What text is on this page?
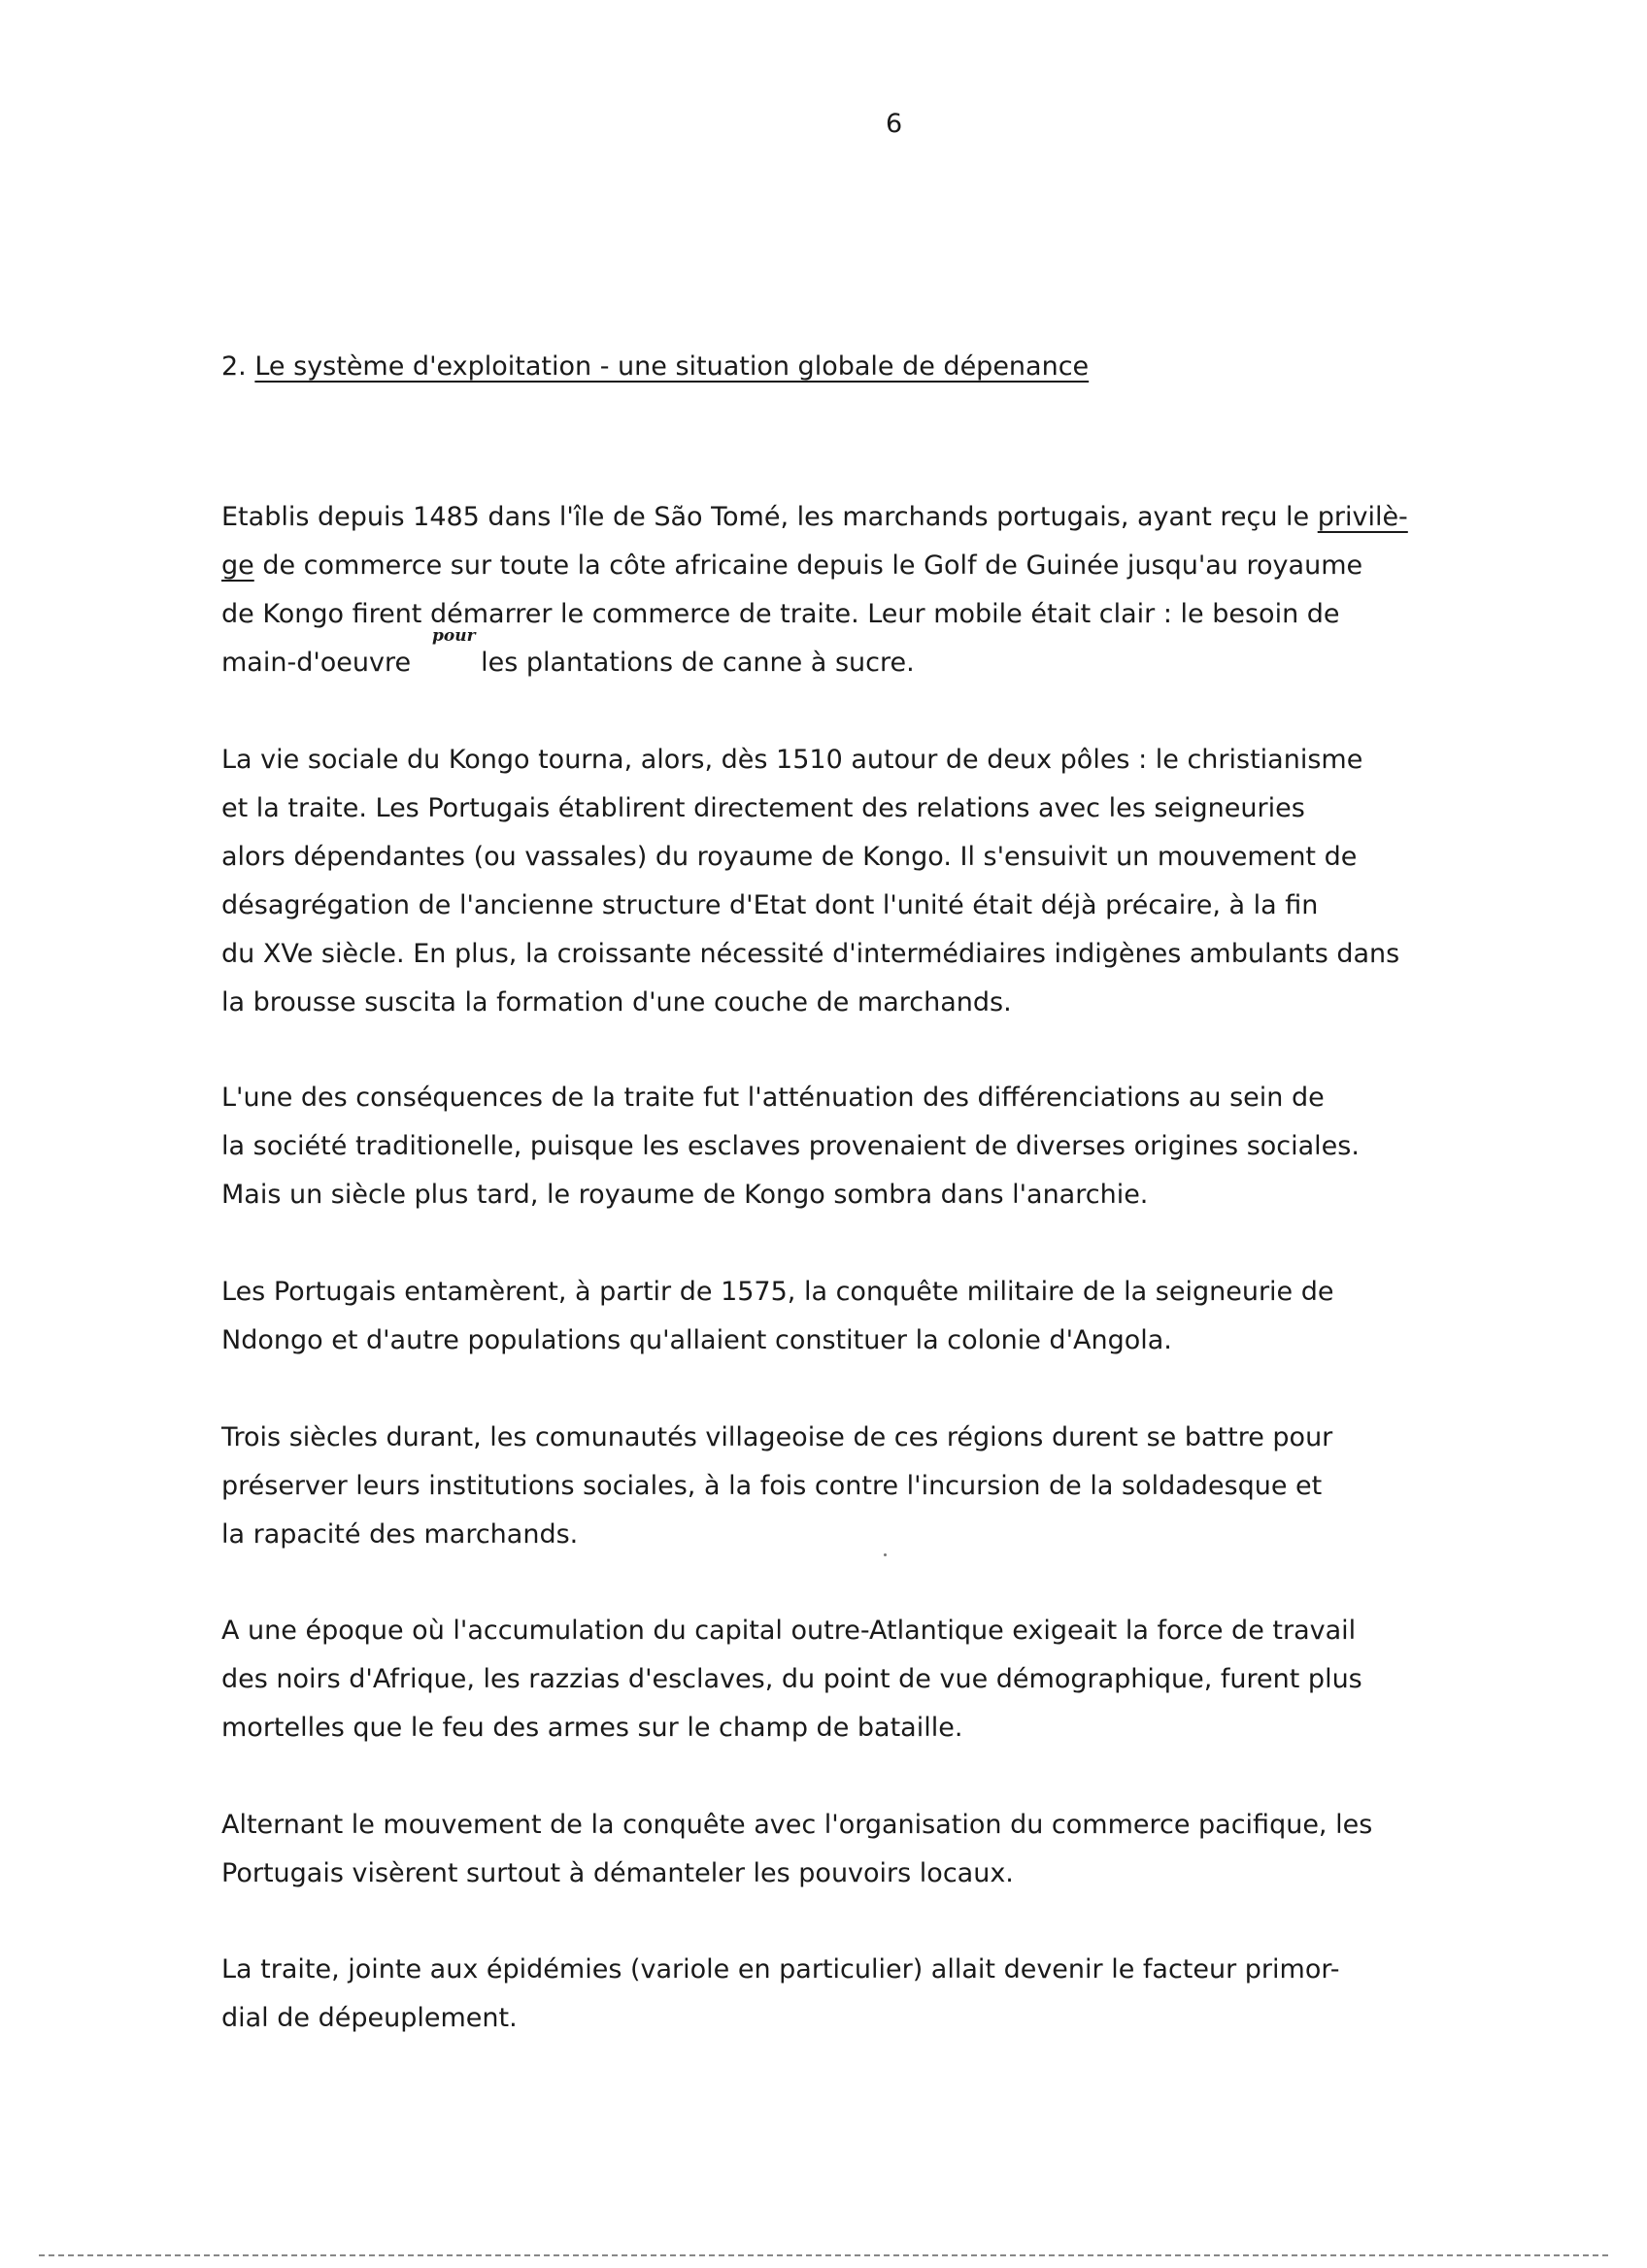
6
2. Le système d'exploitation - une situation globale de dépenance
Etablis depuis 1485 dans l'île de São Tomé, les marchands portugais, ayant reçu le privilè-
ge de commerce sur toute la côte africaine depuis le Golf de Guinée jusqu'au royaume
de Kongo firent démarrer le commerce de traite. Leur mobile était clair : le besoin de
main-d'oeuvre	les plantations de canne à sucre.
pour
La vie sociale du Kongo tourna, alors, dès 1510 autour de deux pôles : le christianisme
et la traite. Les Portugais établirent directement des relations avec les seigneuries
alors dépendantes (ou vassales) du royaume de Kongo. Il s'ensuivit un mouvement de
désagrégation de l'ancienne structure d'Etat dont l'unité était déjà précaire, à la fin
du XVe siècle. En plus, la croissante nécessité d'intermédiaires indigènes ambulants dans
la brousse suscita la formation d'une couche de marchands.
L'une des conséquences de la traite fut l'atténuation des différenciations au sein de
la société traditionelle, puisque les esclaves provenaient de diverses origines sociales.
Mais un siècle plus tard, le royaume de Kongo sombra dans l'anarchie.
Les Portugais entamèrent, à partir de 1575, la conquête militaire de la seigneurie de
Ndongo et d'autre populations qu'allaient constituer la colonie d'Angola.
Trois siècles durant, les comunautés villageoise de ces régions durent se battre pour
préserver leurs institutions sociales, à la fois contre l'incursion de la soldadesque et
la rapacité des marchands.
A une époque où l'accumulation du capital outre-Atlantique exigeait la force de travail
des noirs d'Afrique, les razzias d'esclaves, du point de vue démographique, furent plus
mortelles que le feu des armes sur le champ de bataille.
Alternant le mouvement de la conquête avec l'organisation du commerce pacifique, les
Portugais visèrent surtout à démanteler les pouvoirs locaux.
La traite, jointe aux épidémies (variole en particulier) allait devenir le facteur primor-
dial de dépeuplement.
